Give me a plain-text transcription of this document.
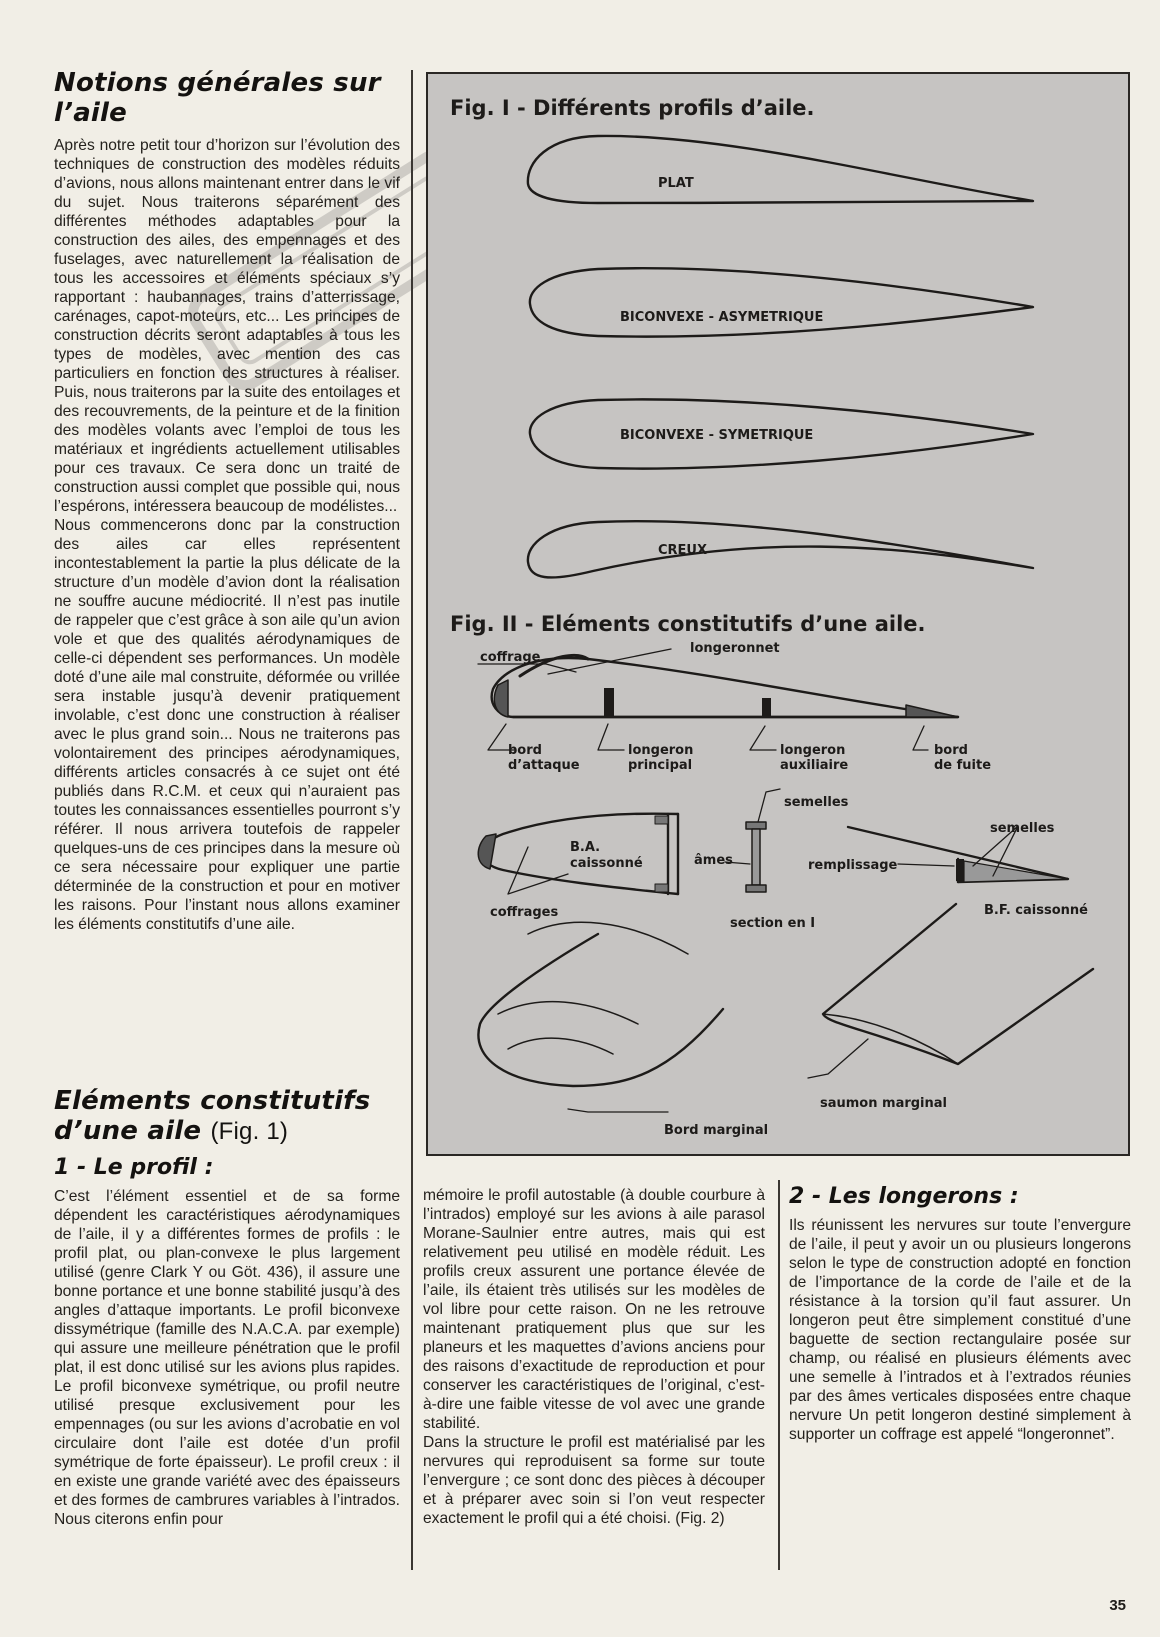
Notions générales sur l’aile

Après notre petit tour d’horizon sur l’évolution des techniques de construction des modèles réduits d’avions, nous allons maintenant entrer dans le vif du sujet. Nous traiterons séparément des différentes méthodes adaptables pour la construction des ailes, des empennages et des fuselages, avec naturellement la réalisation de tous les accessoires et éléments spéciaux s’y rapportant : haubannages, trains d’atterrissage, carénages, capot-moteurs, etc... Les principes de construction décrits seront adaptables à tous les types de modèles, avec mention des cas particuliers en fonction des structures à réaliser. Puis, nous traiterons par la suite des entoilages et des recouvrements, de la peinture et de la finition des modèles volants avec l’emploi de tous les matériaux et ingrédients actuellement utilisables pour ces travaux. Ce sera donc un traité de construction aussi complet que possible qui, nous l’espérons, intéressera beaucoup de modélistes...

Nous commencerons donc par la construction des ailes car elles représentent incontestablement la partie la plus délicate de la structure d’un modèle d’avion dont la réalisation ne souffre aucune médiocrité. Il n’est pas inutile de rappeler que c’est grâce à son aile qu’un avion vole et que des qualités aérodynamiques de celle-ci dépendent ses performances. Un modèle doté d’une aile mal construite, déformée ou vrillée sera instable jusqu’à devenir pratiquement involable, c’est donc une construction à réaliser avec le plus grand soin... Nous ne traiterons pas volontairement des principes aérodynamiques, différents articles consacrés à ce sujet ont été publiés dans R.C.M. et ceux qui n’auraient pas toutes les connaissances essentielles pourront s’y référer. Il nous arrivera toutefois de rappeler quelques-uns de ces principes dans la mesure où ce sera nécessaire pour expliquer une partie déterminée de la construction et pour en motiver les raisons. Pour l’instant nous allons examiner les éléments constitutifs d’une aile.

Eléments constitutifs d’une aile (Fig. 1)
1 - Le profil :

C’est l’élément essentiel et de sa forme dépendent les caractéristiques aérodynamiques de l’aile, il y a différentes formes de profils : le profil plat, ou plan-convexe le plus largement utilisé (genre Clark Y ou Göt. 436), il assure une bonne portance et une bonne stabilité jusqu’à des angles d’attaque importants. Le profil biconvexe dissymétrique (famille des N.A.C.A. par exemple) qui assure une meilleure pénétration que le profil plat, il est donc utilisé sur les avions plus rapides. Le profil biconvexe symétrique, ou profil neutre utilisé presque exclusivement pour les empennages (ou sur les avions d’acrobatie en vol circulaire dont l’aile est dotée d’un profil symétrique de forte épaisseur). Le profil creux : il en existe une grande variété avec des épaisseurs et des formes de cambrures variables à l’intrados. Nous citerons enfin pour

mémoire le profil autostable (à double courbure à l’intrados) employé sur les avions à aile parasol Morane-Saulnier entre autres, mais qui est relativement peu utilisé en modèle réduit. Les profils creux assurent une portance élevée de l’aile, ils étaient très utilisés sur les modèles de vol libre pour cette raison. On ne les retrouve maintenant pratiquement plus que sur les planeurs et les maquettes d’avions anciens pour des raisons d’exactitude de reproduction et pour conserver les caractéristiques de l’original, c’est-à-dire une faible vitesse de vol avec une grande stabilité.

Dans la structure le profil est matérialisé par les nervures qui reproduisent sa forme sur toute l’envergure ; ce sont donc des pièces à découper et à préparer avec soin si l’on veut respecter exactement le profil qui a été choisi. (Fig. 2)

2 - Les longerons :

Ils réunissent les nervures sur toute l’envergure de l’aile, il peut y avoir un ou plusieurs longerons selon le type de construction adopté en fonction de l’importance de la corde de l’aile et de la résistance à la torsion qu’il faut assurer. Un longeron peut être simplement constitué d’une baguette de section rectangulaire posée sur champ, ou réalisé en plusieurs éléments avec une semelle à l’intrados et à l’extrados réunies par des âmes verticales disposées entre chaque nervure Un petit longeron destiné simplement à supporter un coffrage est appelé “longeronnet”.

Fig. I - Différents profils d’aile.

Fig. II - Eléments constitutifs d’une aile.

PLAT
BICONVEXE - ASYMETRIQUE
BICONVEXE - SYMETRIQUE
CREUX
coffrage
longeronnet
bord
d’attaque
longeron
principal
longeron
auxiliaire
bord
de fuite
B.A.
caissonné
coffrages
âmes
semelles
section en I
semelles
remplissage
B.F. caissonné
saumon marginal
Bord marginal
35
